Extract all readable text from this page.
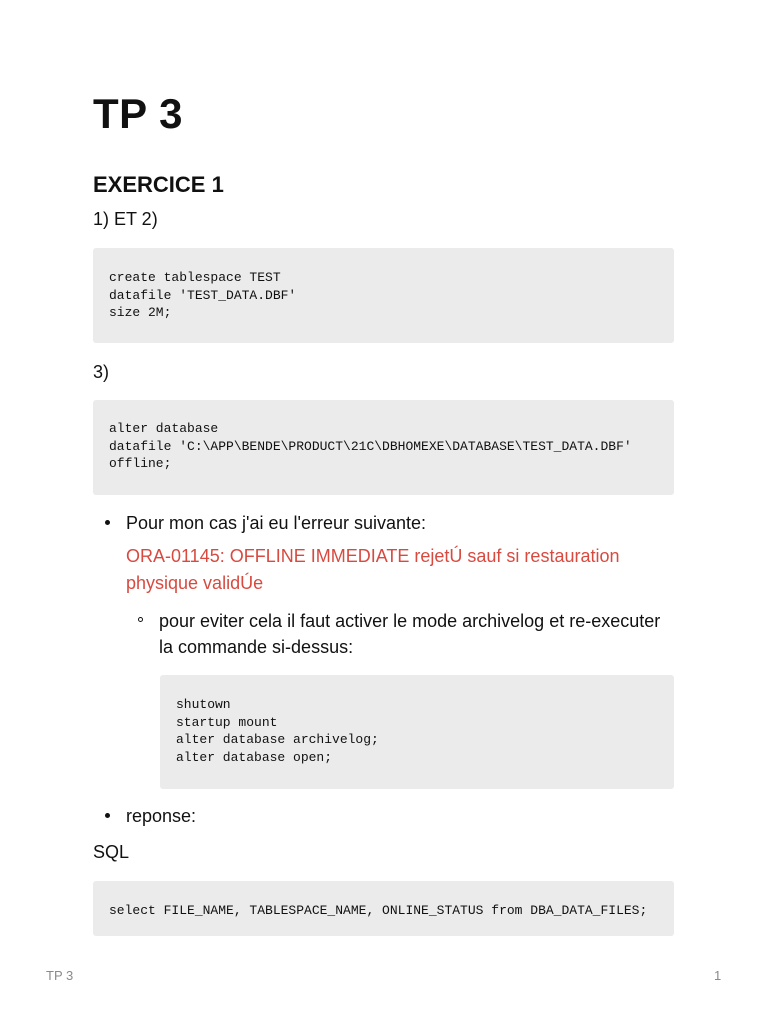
TP 3
EXERCICE 1

1) ET 2)

create tablespace TEST
datafile 'TEST_DATA.DBF'
size 2M;

3)

alter database
datafile 'C:\APP\BENDE\PRODUCT\21C\DBHOMEXE\DATABASE\TEST_DATA.DBF'
offline;
Pour mon cas j'ai eu l'erreur suivante:
ORA-01145: OFFLINE IMMEDIATE rejetÚ sauf si restauration
physique validÚe
pour eviter cela il faut activer le mode archivelog et re-executer
la commande si-dessus:
shutown
startup mount
alter database archivelog;
alter database open;
reponse:

SQL

select FILE_NAME, TABLESPACE_NAME, ONLINE_STATUS from DBA_DATA_FILES;
TP 3	1
